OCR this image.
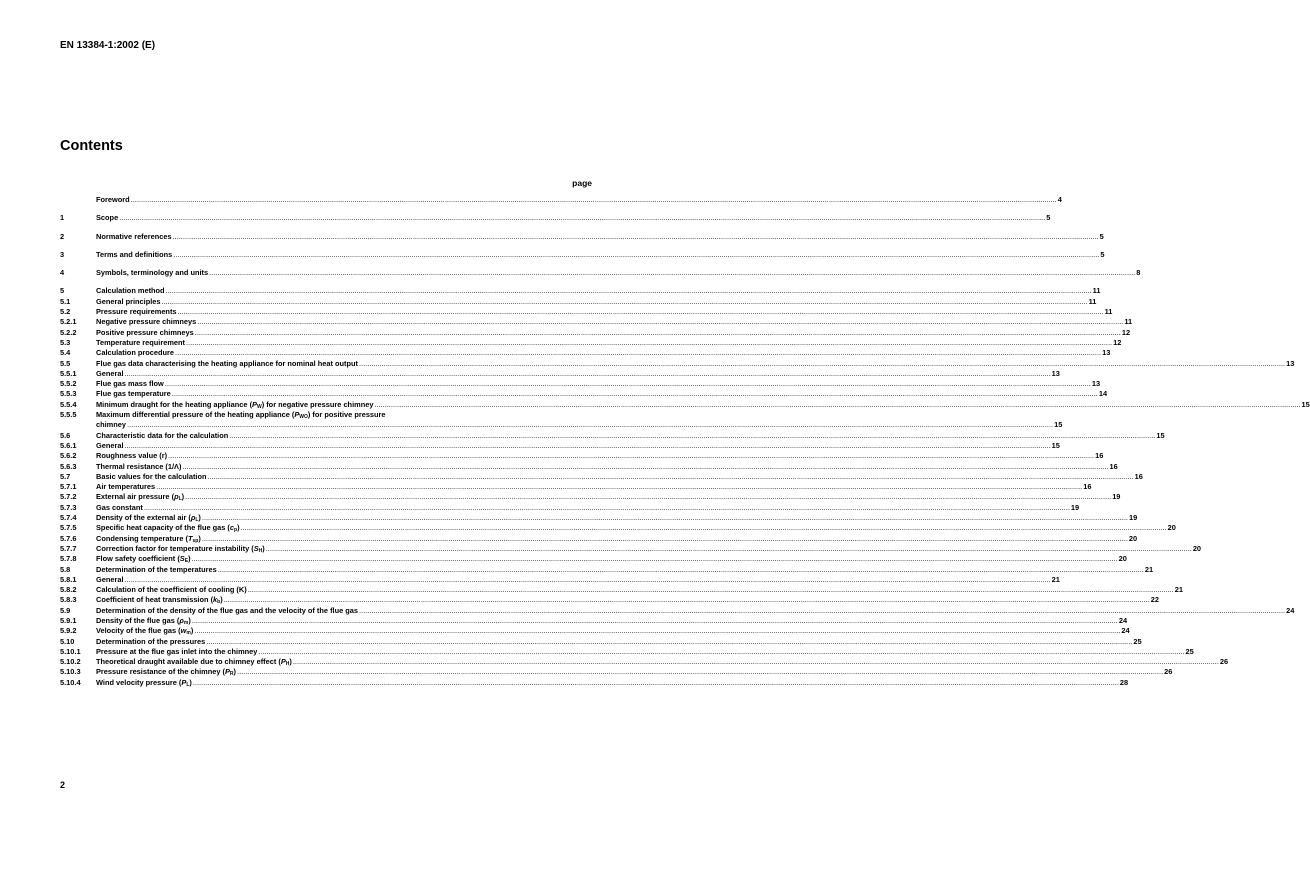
EN 13384-1:2002 (E)
Contents
page
Foreword .....	4
1	Scope .....	5
2	Normative references .....	5
3	Terms and definitions .....	5
4	Symbols, terminology and units .....	8
5	Calculation method .....	11
5.1	General principles .....	11
5.2	Pressure requirements .....	11
5.2.1	Negative pressure chimneys .....	11
5.2.2	Positive pressure chimneys .....	12
5.3	Temperature requirement .....	12
5.4	Calculation procedure .....	13
5.5	Flue gas data characterising the heating appliance for nominal heat output .....	13
5.5.1	General .....	13
5.5.2	Flue gas mass flow .....	13
5.5.3	Flue gas temperature .....	14
5.5.4	Minimum draught for the heating appliance $(P_W)$ for negative pressure chimney .....	15
5.5.5	Maximum differential pressure of the heating appliance $(P_{WO})$ for positive pressure
chimney .....	15
5.6	Characteristic data for the calculation .....	15
5.6.1	General .....	15
5.6.2	Roughness value (r) .....	16
5.6.3	Thermal resistance (1/Λ) .....	16
5.7	Basic values for the calculation .....	16
5.7.1	Air temperatures .....	16
5.7.2	External air pressure $(p_L)$ .....	19
5.7.3	Gas constant .....	19
5.7.4	Density of the external air $(\rho_L)$ .....	19
5.7.5	Specific heat capacity of the flue gas $(c_p)$ .....	20
5.7.6	Condensing temperature $(T_{sp})$ .....	20
5.7.7	Correction factor for temperature instability $(S_H)$ .....	20
5.7.8	Flow safety coefficient $(S_E)$ .....	20
5.8	Determination of the temperatures .....	21
5.8.1	General .....	21
5.8.2	Calculation of the coefficient of cooling (K) .....	21
5.8.3	Coefficient of heat transmission $(k_b)$ .....	22
5.9	Determination of the density of the flue gas and the velocity of the flue gas .....	24
5.9.1	Density of the flue gas $(\rho_m)$ .....	24
5.9.2	Velocity of the flue gas $(w_m)$ .....	24
5.10	Determination of the pressures .....	25
5.10.1	Pressure at the flue gas inlet into the chimney .....	25
5.10.2	Theoretical draught available due to chimney effect $(P_H)$ .....	26
5.10.3	Pressure resistance of the chimney $(P_R)$ .....	26
5.10.4	Wind velocity pressure $(P_L)$ .....	28
2
